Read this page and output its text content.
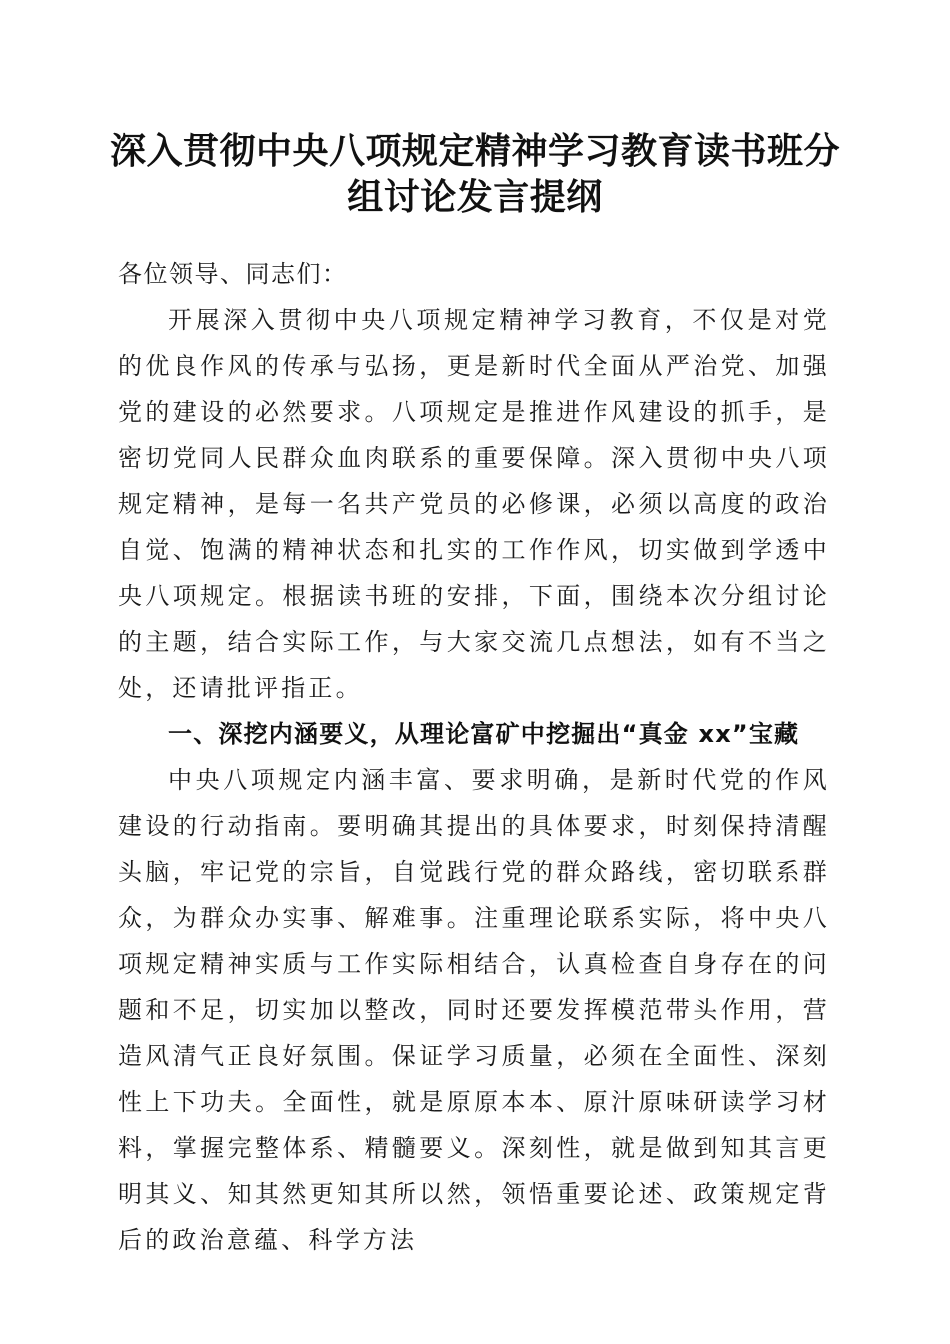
深入贯彻中央八项规定精神学习教育读书班分
组讨论发言提纲

各位领导、同志们：

开展深入贯彻中央八项规定精神学习教育，不仅是对党的优良作风的传承与弘扬，更是新时代全面从严治党、加强党的建设的必然要求。八项规定是推进作风建设的抓手，是密切党同人民群众血肉联系的重要保障。深入贯彻中央八项规定精神，是每一名共产党员的必修课，必须以高度的政治自觉、饱满的精神状态和扎实的工作作风，切实做到学透中央八项规定。根据读书班的安排，下面，围绕本次分组讨论的主题，结合实际工作，与大家交流几点想法，如有不当之处，还请批评指正。

一、深挖内涵要义，从理论富矿中挖掘出“真金 xx”宝藏

中央八项规定内涵丰富、要求明确，是新时代党的作风建设的行动指南。要明确其提出的具体要求，时刻保持清醒头脑，牢记党的宗旨，自觉践行党的群众路线，密切联系群众，为群众办实事、解难事。注重理论联系实际，将中央八项规定精神实质与工作实际相结合，认真检查自身存在的问题和不足，切实加以整改，同时还要发挥模范带头作用，营造风清气正良好氛围。保证学习质量，必须在全面性、深刻性上下功夫。全面性，就是原原本本、原汁原味研读学习材料，掌握完整体系、精髓要义。深刻性，就是做到知其言更明其义、知其然更知其所以然，领悟重要论述、政策规定背后的政治意蕴、科学方法
